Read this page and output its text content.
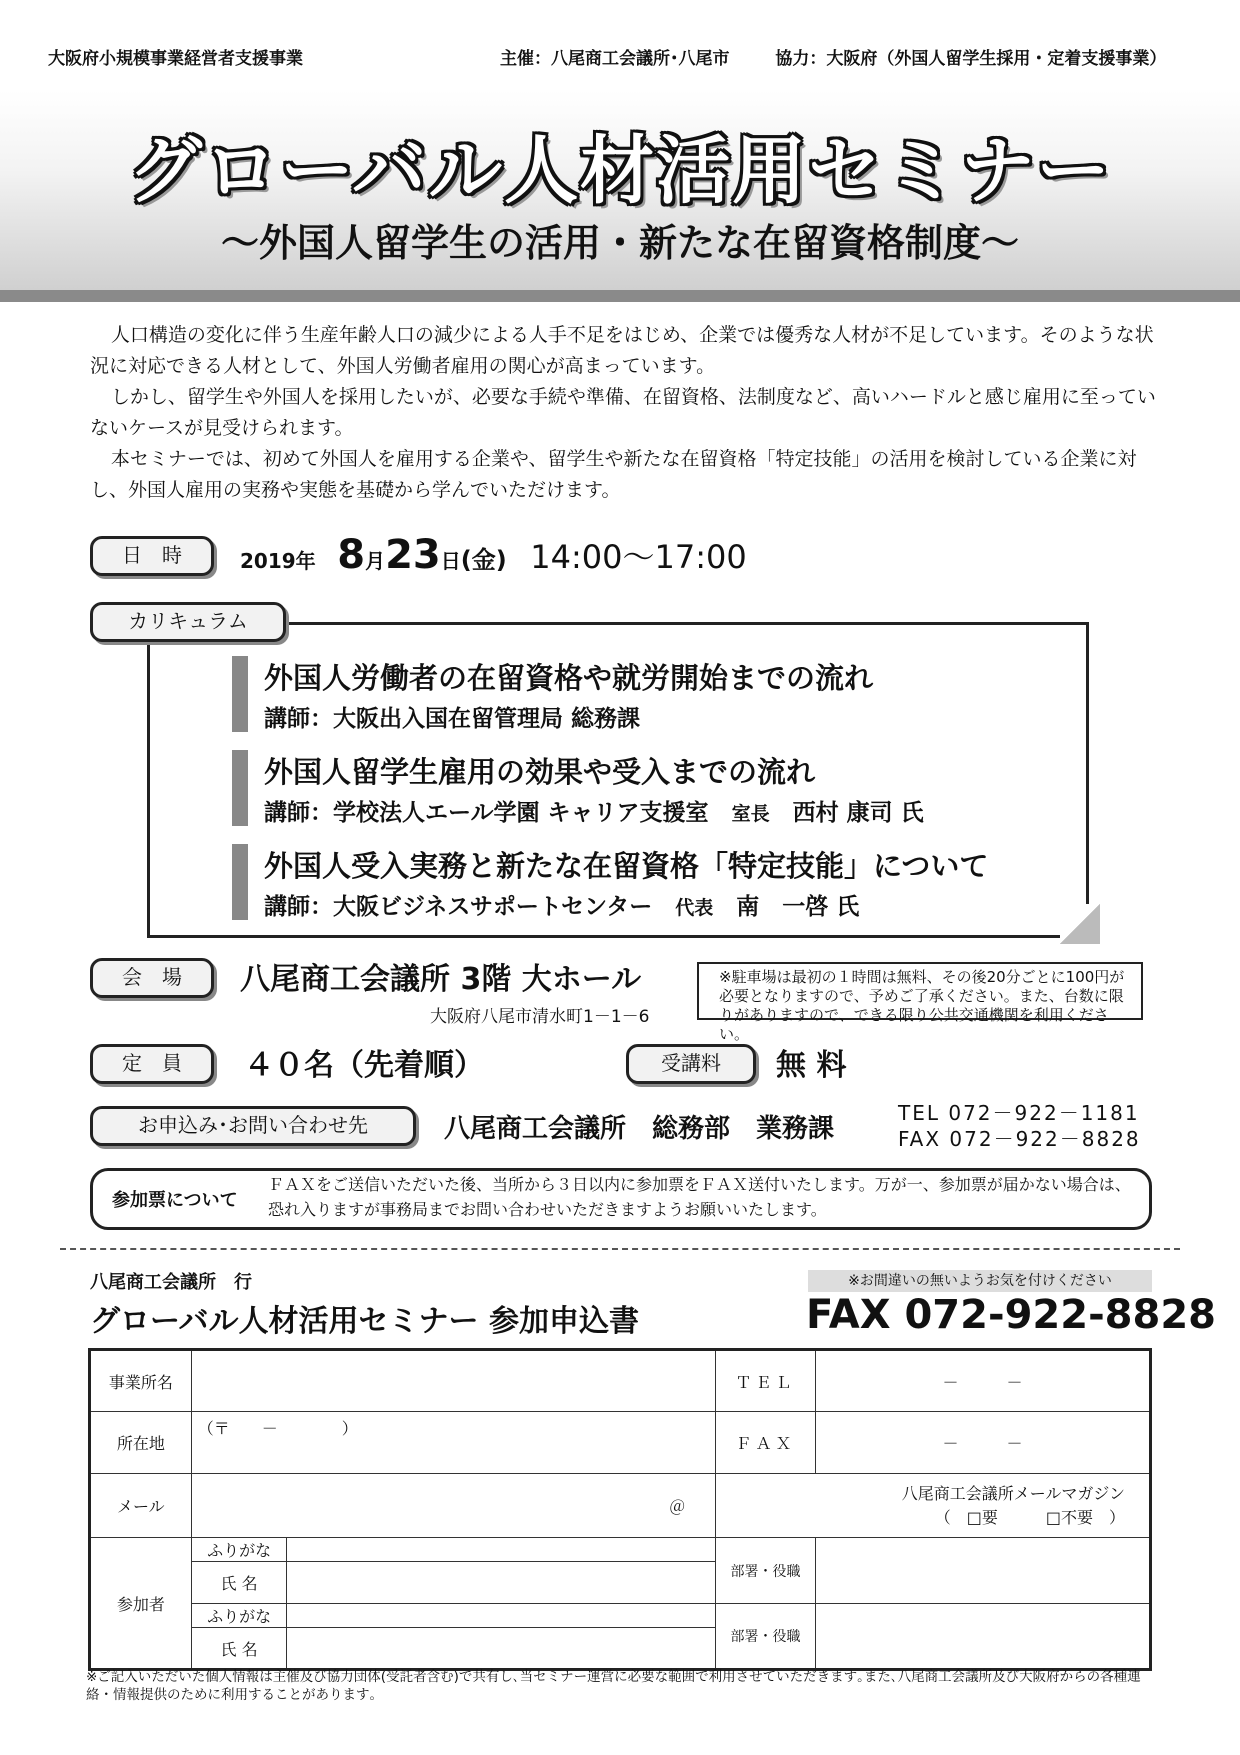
大阪府小規模事業経営者支援事業	主催：八尾商工会議所･八尾市	協力：大阪府（外国人留学生採用・定着支援事業）
グローバル人材活用セミナー
～外国人留学生の活用・新たな在留資格制度～

人口構造の変化に伴う生産年齢人口の減少による人手不足をはじめ、企業では優秀な人材が不足しています。そのような状況に対応できる人材として、外国人労働者雇用の関心が高まっています。

しかし、留学生や外国人を採用したいが、必要な手続や準備、在留資格、法制度など、高いハードルと感じ雇用に至っていないケースが見受けられます。

本セミナーでは、初めて外国人を雇用する企業や、留学生や新たな在留資格「特定技能」の活用を検討している企業に対し、外国人雇用の実務や実態を基礎から学んでいただけます。

日　時	2019年 8月23日(金) 14:00～17:00
カリキュラム
外国人労働者の在留資格や就労開始までの流れ
講師：大阪出入国在留管理局 総務課
外国人留学生雇用の効果や受入までの流れ
講師：学校法人エール学園 キャリア支援室　 室長　 西村 康司 氏
外国人受入実務と新たな在留資格「特定技能」について
講師：大阪ビジネスサポートセンター　 代表　 南　一啓 氏
会　場	八尾商工会議所 3階 大ホール
大阪府八尾市清水町1－1－6
※駐車場は最初の１時間は無料、その後20分ごとに100円が必要となりますので、予めご了承ください。また、台数に限りがありますので、できる限り公共交通機関を利用ください。
定　員	４０名（先着順）	受講料	無 料
お申込み･お問い合わせ先	八尾商工会議所　総務部　業務課
TEL 072－922－1181
FAX 072－922－8828
参加票について
ＦＡＸをご送信いただいた後、当所から３日以内に参加票をＦＡＸ送付いたします。万が一、参加票が届かない場合は、恐れ入りますが事務局までお問い合わせいただきますようお願いいたします。
八尾商工会議所　行
グローバル人材活用セミナー 参加申込書
※お間違いの無いようお気を付けください
FAX 072-922-8828
事業所名			ＴＥＬ	－　　　－
所在地	（〒　　－　　　　）		ＦＡＸ	－　　　－
メール	＠		八尾商工会議所メールマガジン
（　□要　　　□不要　）	

参加者	ふりがな		部署・役職	
	氏 名			
	ふりがな		部署・役職	
	氏 名			
※ご記入いただいた個人情報は主催及び協力団体(受託者含む)で共有し､当セミナー運営に必要な範囲で利用させていただきます｡また､八尾商工会議所及び大阪府からの各種連絡・情報提供のために利用することがあります｡
